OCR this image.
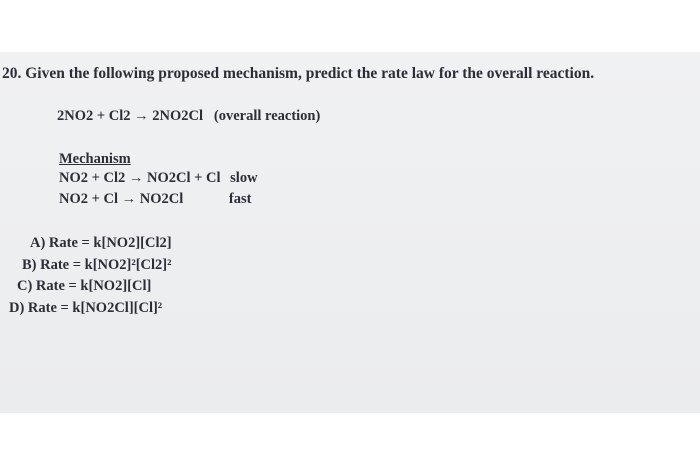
20. Given the following proposed mechanism, predict the rate law for the overall reaction.
2NO2 + Cl2 → 2NO2Cl (overall reaction)
Mechanism
NO2 + Cl2 → NO2Cl + Cl slow
NO2 + Cl → NO2Cl	fast
A) Rate = k[NO2][Cl2]
B) Rate = k[NO2]²[Cl2]²
C) Rate = k[NO2][Cl]
D) Rate = k[NO2Cl][Cl]²
